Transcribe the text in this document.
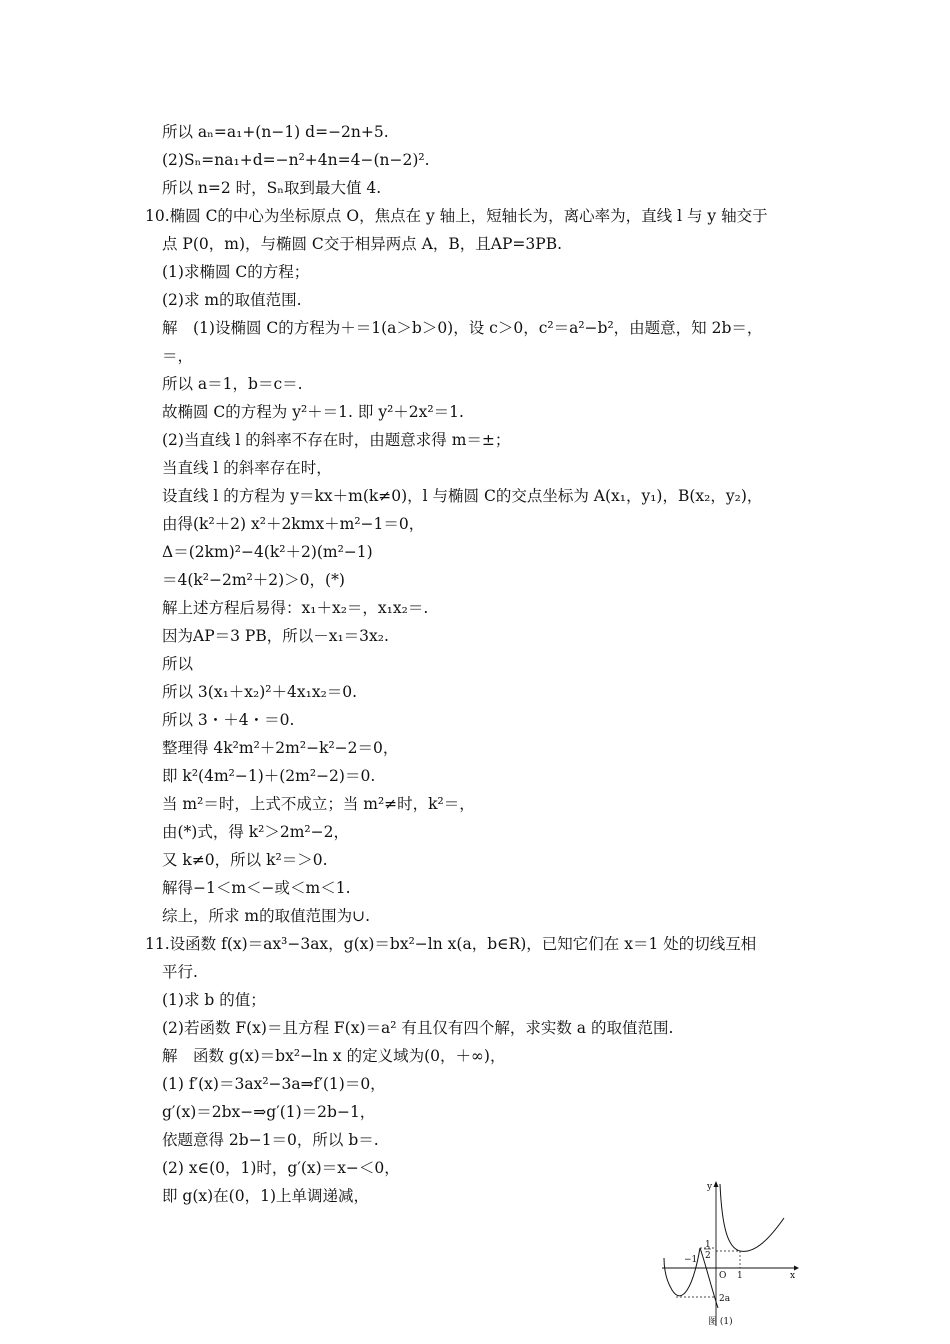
所以 aₙ=a₁+(n−1) d=−2n+5.
(2)Sₙ=na₁+d=−n²+4n=4−(n−2)².
所以 n=2 时，Sₙ取到最大值 4.
10.椭圆 C的中心为坐标原点 O，焦点在 y 轴上，短轴长为，离心率为，直线 l 与 y 轴交于
点 P(0，m)，与椭圆 C交于相异两点 A，B，且AP=3PB.
(1)求椭圆 C的方程；
(2)求 m的取值范围.
解　(1)设椭圆 C的方程为＋＝1(a＞b＞0)，设 c＞0，c²＝a²−b²，由题意，知 2b＝，
＝，
所以 a＝1，b＝c＝.
故椭圆 C的方程为 y²＋＝1. 即 y²＋2x²＝1.
(2)当直线 l 的斜率不存在时，由题意求得 m＝±；
当直线 l 的斜率存在时，
设直线 l 的方程为 y＝kx＋m(k≠0)，l 与椭圆 C的交点坐标为 A(x₁，y₁)，B(x₂，y₂)，
由得(k²＋2) x²＋2kmx＋m²−1＝0，
Δ＝(2km)²−4(k²＋2)(m²−1)
＝4(k²−2m²＋2)＞0，(*)
解上述方程后易得：x₁＋x₂＝，x₁x₂＝.
因为AP＝3 PB，所以－x₁＝3x₂.
所以
所以 3(x₁＋x₂)²＋4x₁x₂＝0.
所以 3・＋4・＝0.
整理得 4k²m²＋2m²−k²−2＝0，
即 k²(4m²−1)＋(2m²−2)＝0.
当 m²＝时，上式不成立；当 m²≠时，k²＝，
由(*)式，得 k²＞2m²−2，
又 k≠0，所以 k²＝＞0.
解得−1＜m＜−或＜m＜1.
综上，所求 m的取值范围为∪.
11.设函数 f(x)＝ax³−3ax，g(x)＝bx²−ln x(a，b∈R)，已知它们在 x＝1 处的切线互相
平行.
(1)求 b 的值；
(2)若函数 F(x)＝且方程 F(x)＝a² 有且仅有四个解，求实数 a 的取值范围.
解　函数 g(x)＝bx²−ln x 的定义域为(0，＋∞)，
(1) f′(x)＝3ax²−3a⇒f′(1)＝0，
g′(x)＝2bx−⇒g′(1)＝2b−1，
依题意得 2b−1＝0，所以 b＝.
(2) x∈(0，1)时，g′(x)＝x−＜0，
即 g(x)在(0，1)上单调递减，	y
x
−1
1
2
O 1
2a
图 (1)
